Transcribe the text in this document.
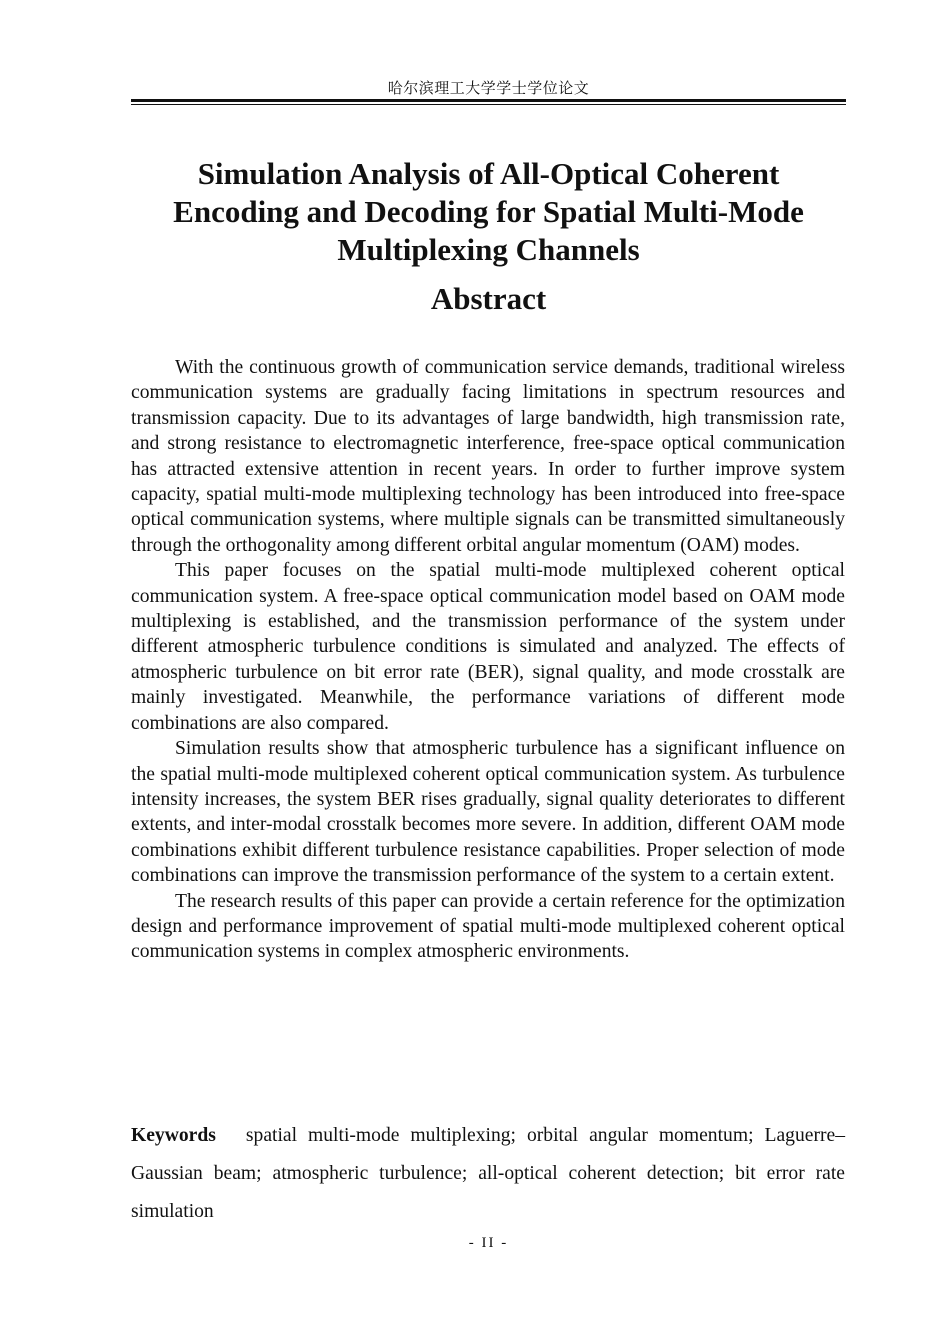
哈尔滨理工大学学士学位论文
Simulation Analysis of All-Optical Coherent Encoding and Decoding for Spatial Multi-Mode Multiplexing Channels
Abstract

With the continuous growth of communication service demands, traditional wireless communication systems are gradually facing limitations in spectrum resources and transmission capacity. Due to its advantages of large bandwidth, high transmission rate, and strong resistance to electromagnetic interference, free-space optical communication has attracted extensive attention in recent years. In order to further improve system capacity, spatial multi-mode multiplexing technology has been introduced into free-space optical communication systems, where multiple signals can be transmitted simultaneously through the orthogonality among different orbital angular momentum (OAM) modes.

This paper focuses on the spatial multi-mode multiplexed coherent optical communication system. A free-space optical communication model based on OAM mode multiplexing is established, and the transmission performance of the system under different atmospheric turbulence conditions is simulated and analyzed. The effects of atmospheric turbulence on bit error rate (BER), signal quality, and mode crosstalk are mainly investigated. Meanwhile, the performance variations of different mode combinations are also compared.

Simulation results show that atmospheric turbulence has a significant influence on the spatial multi-mode multiplexed coherent optical communication system. As turbulence intensity increases, the system BER rises gradually, signal quality deteriorates to different extents, and inter-modal crosstalk becomes more severe. In addition, different OAM mode combinations exhibit different turbulence resistance capabilities. Proper selection of mode combinations can improve the transmission performance of the system to a certain extent.

The research results of this paper can provide a certain reference for the optimization design and performance improvement of spatial multi-mode multiplexed coherent optical communication systems in complex atmospheric environments.

Keywords spatial multi-mode multiplexing; orbital angular momentum; Laguerre–Gaussian beam; atmospheric turbulence; all-optical coherent detection; bit error rate simulation
- II -
